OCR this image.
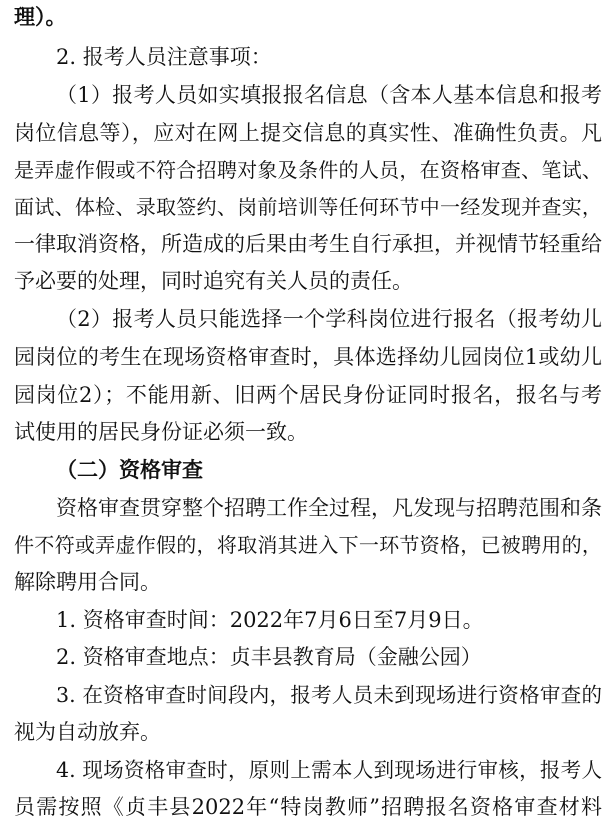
理）。
2. 报考人员注意事项：
（1）报考人员如实填报报名信息（含本人基本信息和报考
岗位信息等），应对在网上提交信息的真实性、准确性负责。凡
是弄虚作假或不符合招聘对象及条件的人员，在资格审查、笔试、
面试、体检、录取签约、岗前培训等任何环节中一经发现并查实，
一律取消资格，所造成的后果由考生自行承担，并视情节轻重给
予必要的处理，同时追究有关人员的责任。
（2）报考人员只能选择一个学科岗位进行报名（报考幼儿
园岗位的考生在现场资格审查时，具体选择幼儿园岗位1或幼儿
园岗位2）；不能用新、旧两个居民身份证同时报名，报名与考
试使用的居民身份证必须一致。
（二）资格审查
资格审查贯穿整个招聘工作全过程，凡发现与招聘范围和条
件不符或弄虚作假的，将取消其进入下一环节资格，已被聘用的，
解除聘用合同。
1. 资格审查时间：2022年7月6日至7月9日。
2. 资格审查地点：贞丰县教育局（金融公园）
3. 在资格审查时间段内，报考人员未到现场进行资格审查的
视为自动放弃。
4. 现场资格审查时，原则上需本人到现场进行审核，报考人
员需按照《贞丰县2022年“特岗教师”招聘报名资格审查材料
